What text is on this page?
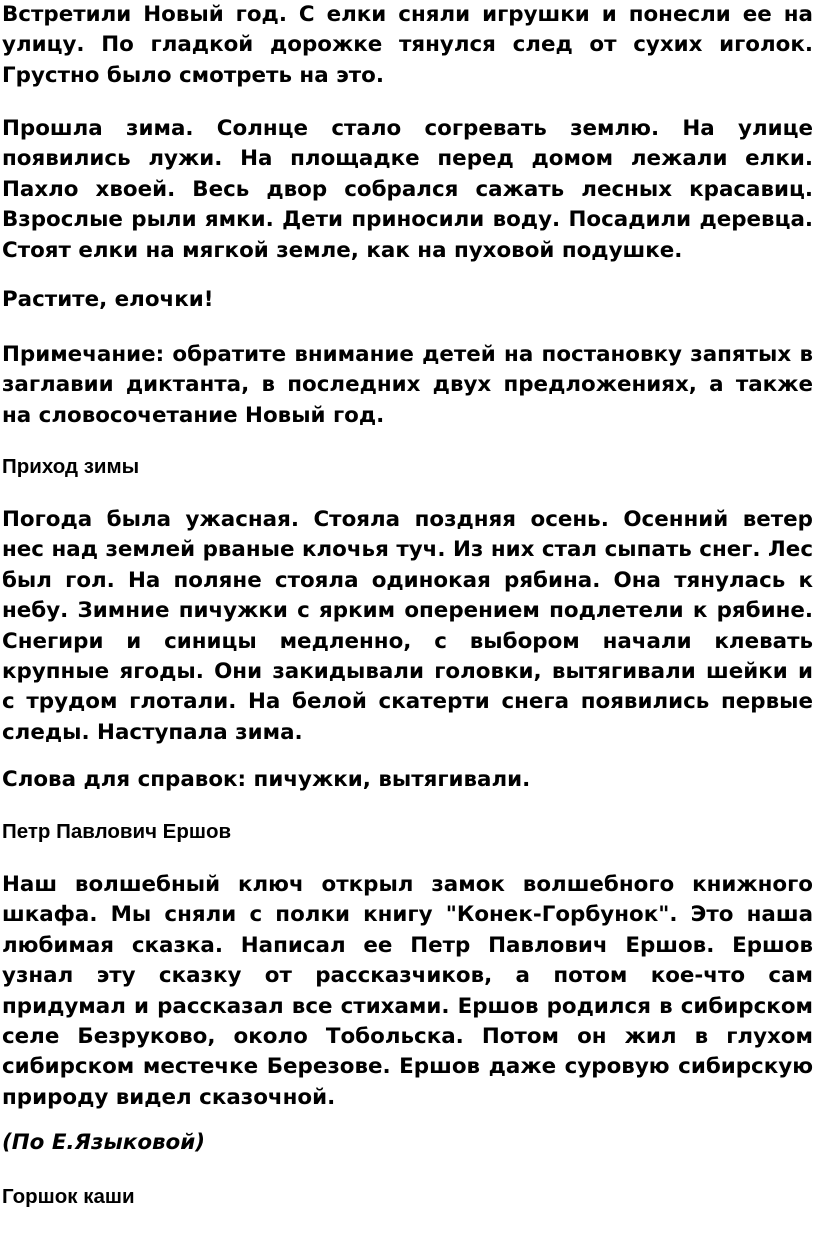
Встретили Новый год. С елки сняли игрушки и понесли ее на улицу. По гладкой дорожке тянулся след от сухих иголок. Грустно было смотреть на это.

Прошла зима. Солнце стало согревать землю. На улице появились лужи. На площадке перед домом лежали елки. Пахло хвоей. Весь двор собрался сажать лесных красавиц. Взрослые рыли ямки. Дети приносили воду. Посадили деревца. Стоят елки на мягкой земле, как на пуховой подушке.

Растите, елочки!

Примечание: обратите внимание детей на постановку запятых в заглавии диктанта, в последних двух предложениях, а также на словосочетание Новый год.

Приход зимы

Погода была ужасная. Стояла поздняя осень. Осенний ветер нес над землей рваные клочья туч. Из них стал сыпать снег. Лес был гол. На поляне стояла одинокая рябина. Она тянулась к небу. Зимние пичужки с ярким оперением подлетели к рябине. Снегири и синицы медленно, с выбором начали клевать крупные ягоды. Они закидывали головки, вытягивали шейки и с трудом глотали. На белой скатерти снега появились первые следы. Наступала зима.

Слова для справок: пичужки, вытягивали.

Петр Павлович Ершов

Наш волшебный ключ открыл замок волшебного книжного шкафа. Мы сняли с полки книгу "Конек-Горбунок". Это наша любимая сказка. Написал ее Петр Павлович Ершов. Ершов узнал эту сказку от рассказчиков, а потом кое-что сам придумал и рассказал все стихами. Ершов родился в сибирском селе Безруково, около Тобольска. Потом он жил в глухом сибирском местечке Березове. Ершов даже суровую сибирскую природу видел сказочной.

(По Е.Языковой)

Горшок каши
